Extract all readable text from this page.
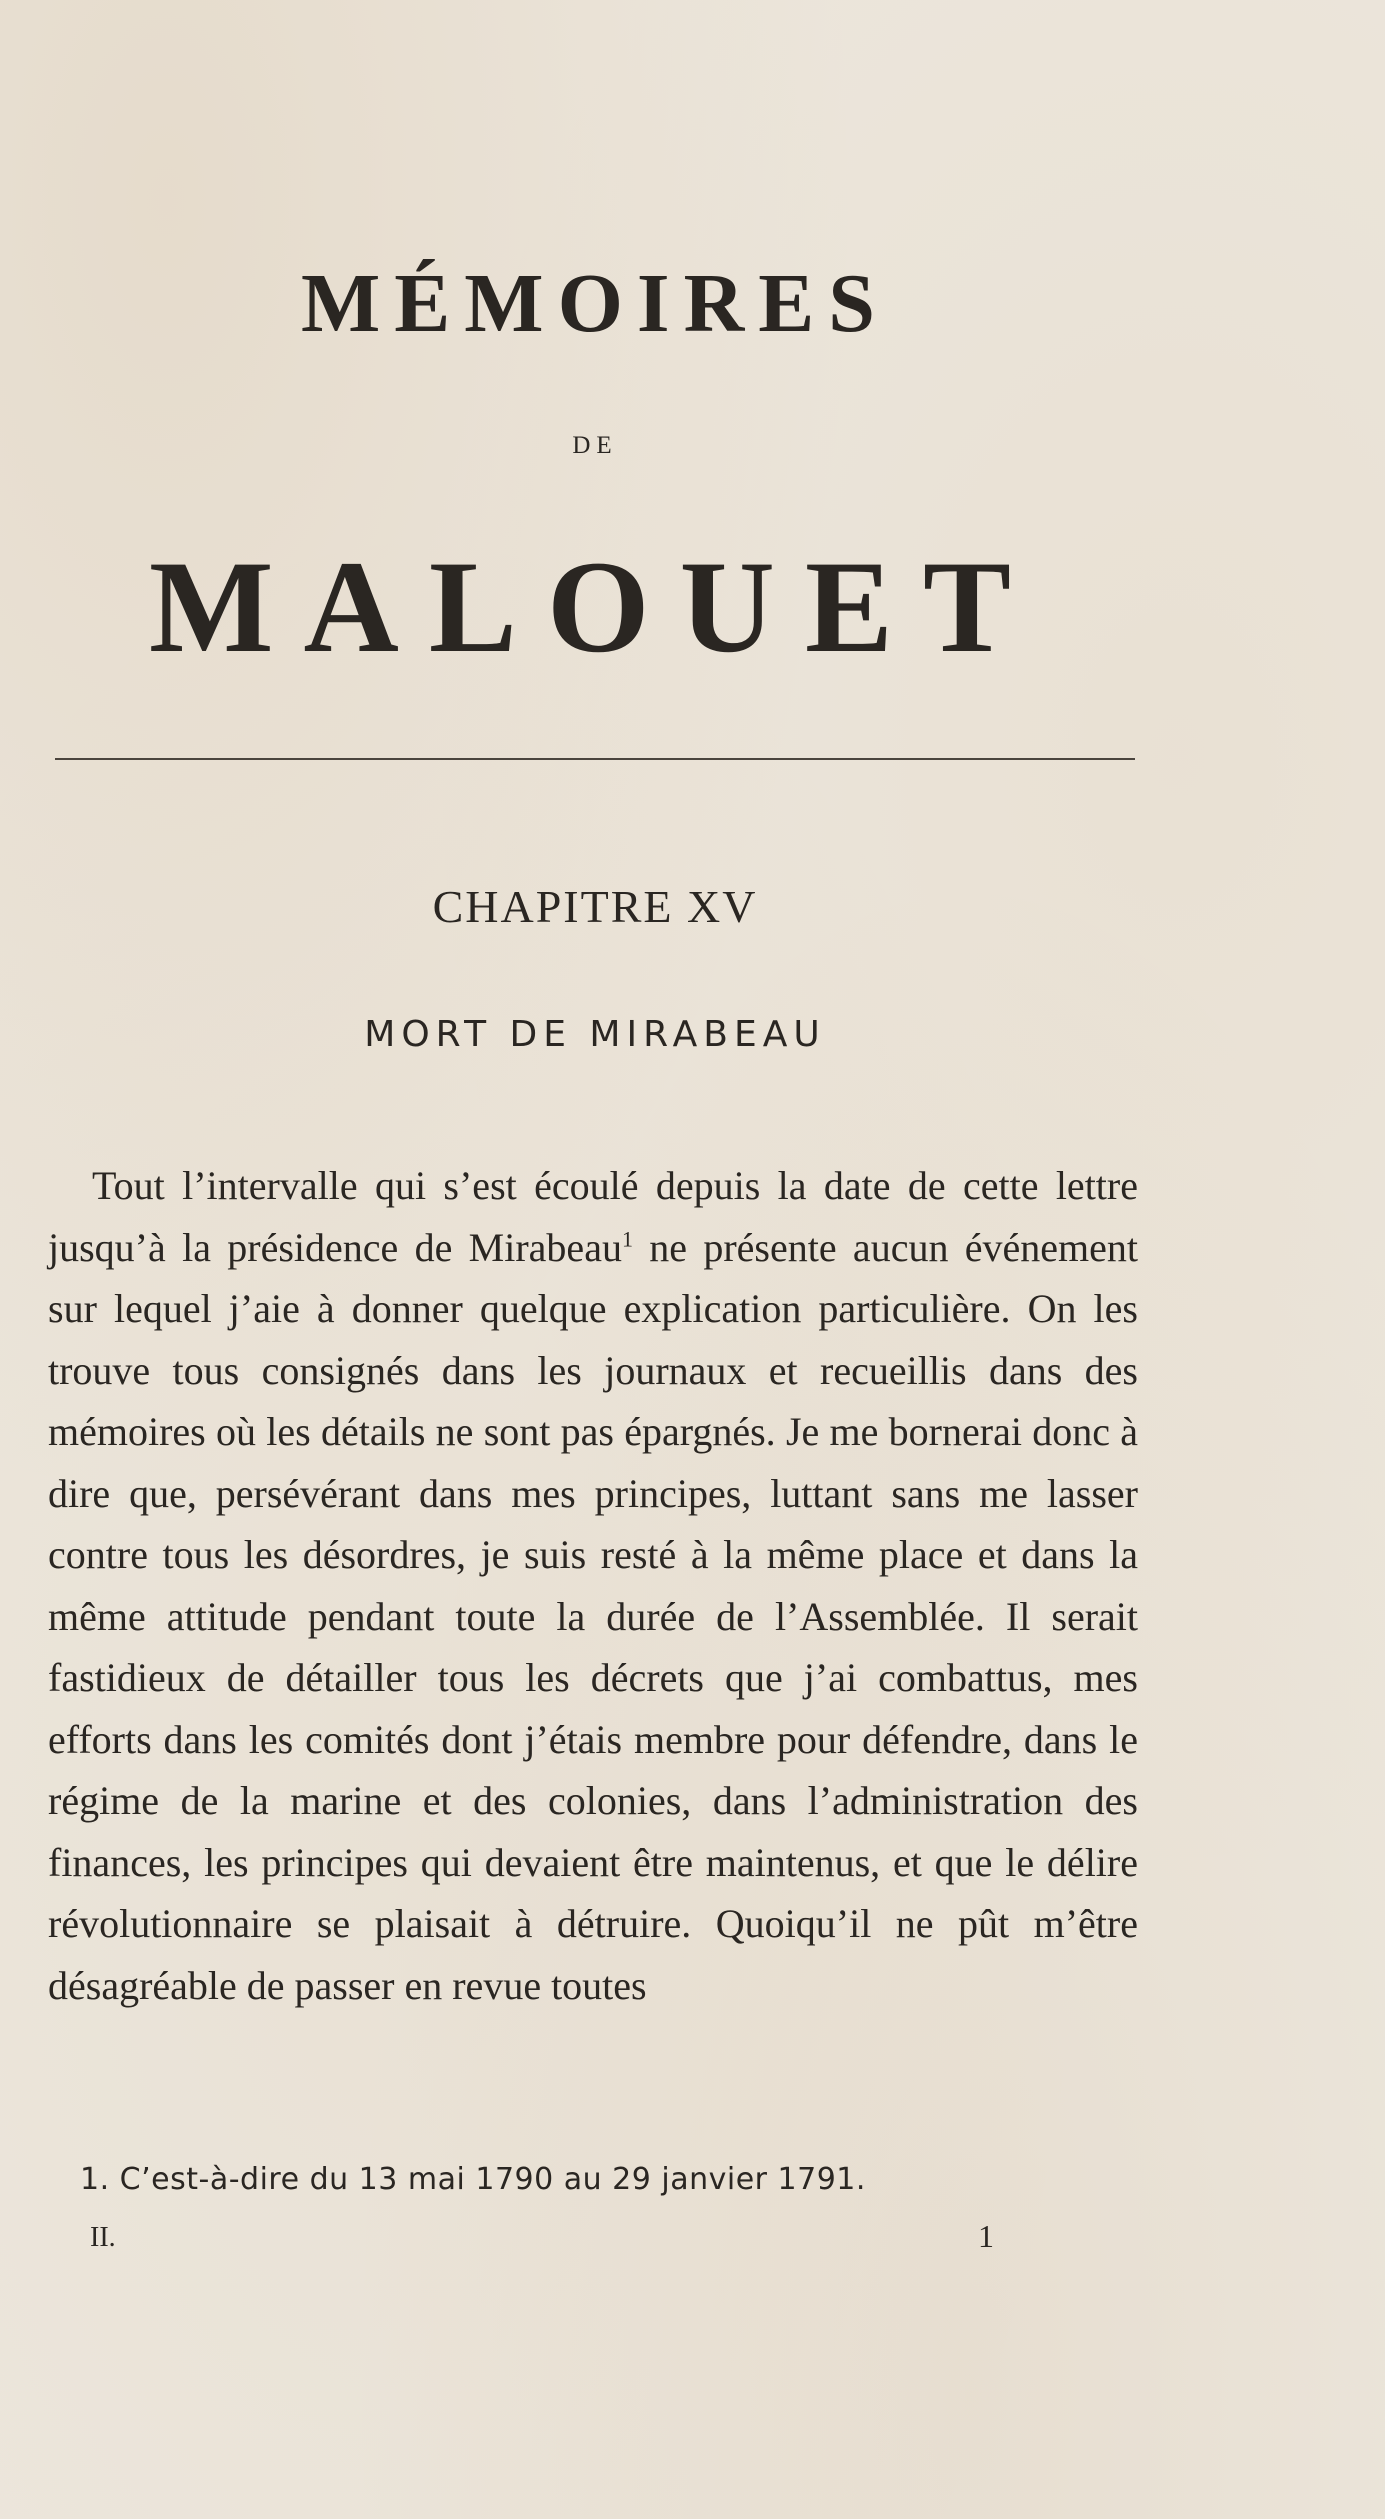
MÉMOIRES
DE
MALOUET
CHAPITRE XV
MORT DE MIRABEAU

Tout l’intervalle qui s’est écoulé depuis la date de cette lettre jusqu’à la présidence de Mirabeau$^1$ ne présente aucun événement sur lequel j’aie à donner quelque explication particulière. On les trouve tous consignés dans les journaux et recueillis dans des mémoires où les détails ne sont pas épargnés. Je me bornerai donc à dire que, persévérant dans mes principes, luttant sans me lasser contre tous les désordres, je suis resté à la même place et dans la même attitude pendant toute la durée de l’Assemblée. Il serait fastidieux de détailler tous les décrets que j’ai combattus, mes efforts dans les comités dont j’étais membre pour défendre, dans le régime de la marine et des colonies, dans l’administration des finances, les principes qui devaient être maintenus, et que le délire révolutionnaire se plaisait à détruire. Quoiqu’il ne pût m’être désagréable de passer en revue toutes

1. C’est-à-dire du 13 mai 1790 au 29 janvier 1791.
II.	1
